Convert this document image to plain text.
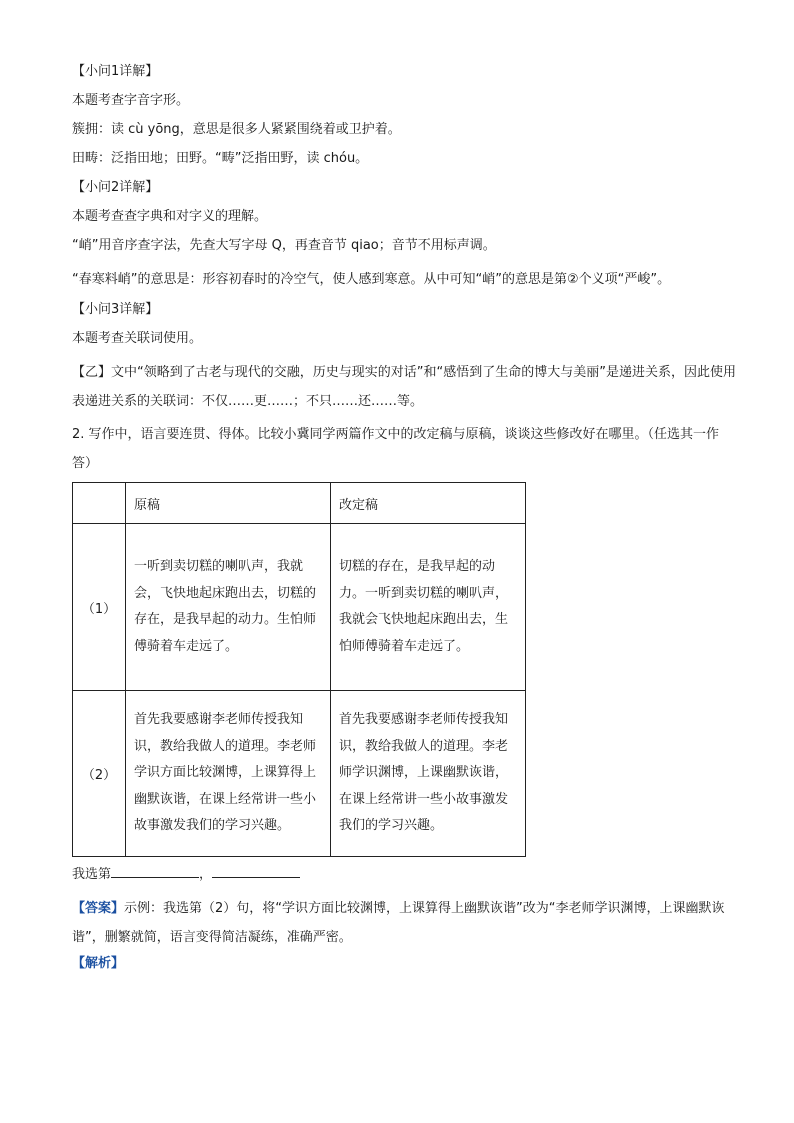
【小问1详解】
本题考查字音字形。
簇拥：读 cù yōng，意思是很多人紧紧围绕着或卫护着。
田畴：泛指田地；田野。“畴”泛指田野，读 chóu。
【小问2详解】
本题考查查字典和对字义的理解。
“峭”用音序查字法，先查大写字母 Q，再查音节 qiao；音节不用标声调。
“春寒料峭”的意思是：形容初春时的冷空气，使人感到寒意。从中可知“峭”的意思是第②个义项“严峻”。
【小问3详解】
本题考查关联词使用。
【乙】文中“领略到了古老与现代的交融，历史与现实的对话”和“感悟到了生命的博大与美丽”是递进关系，因此使用表递进关系的关联词：不仅……更……；不只……还……等。
2. 写作中，语言要连贯、得体。比较小冀同学两篇作文中的改定稿与原稿，谈谈这些修改好在哪里。（任选其一作答）
	原稿	改定稿
（1）	一听到卖切糕的喇叭声，我就会，飞快地起床跑出去，切糕的存在，是我早起的动力。生怕师傅骑着车走远了。	切糕的存在，是我早起的动力。一听到卖切糕的喇叭声，我就会飞快地起床跑出去，生怕师傅骑着车走远了。

（2）	首先我要感谢李老师传授我知识，教给我做人的道理。李老师学识方面比较渊博，上课算得上幽默诙谐，在课上经常讲一些小故事激发我们的学习兴趣。	首先我要感谢李老师传授我知识，教给我做人的道理。李老师学识渊博，上课幽默诙谐，在课上经常讲一些小故事激发我们的学习兴趣。
我选第	，
【答案】示例：我选第（2）句，将“学识方面比较渊博，上课算得上幽默诙谐”改为“李老师学识渊博，上课幽默诙谐”，删繁就简，语言变得简洁凝练，准确严密。
【解析】
